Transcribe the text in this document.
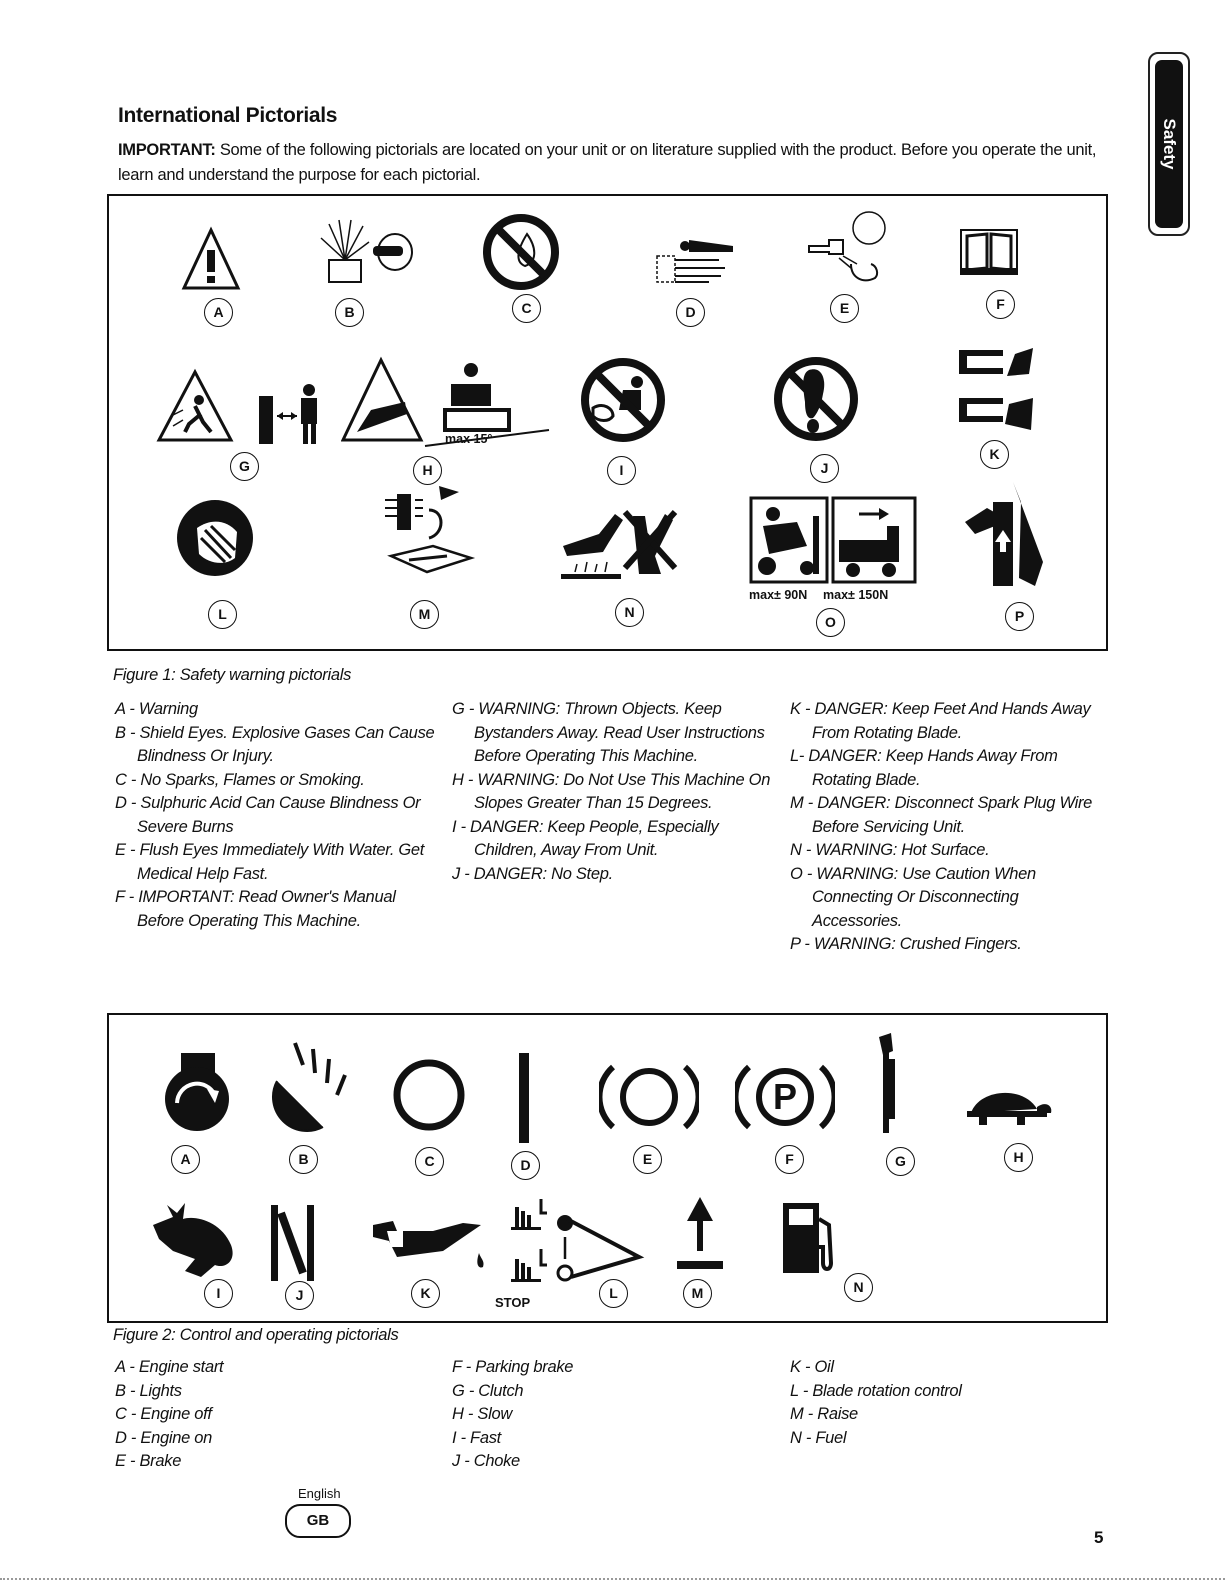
Safety
International Pictorials
IMPORTANT: Some of the following pictorials are located on your unit or on literature supplied with the product. Before you operate the unit, learn and understand the purpose for each pictorial.
max 15°
max± 90N max± 150N
A	B	C	D	E	F
G	H	I	J
K
L	M	N
O	P
Figure 1: Safety warning pictorials
A - Warning
B - Shield Eyes. Explosive Gases Can Cause Blindness Or Injury.
C - No Sparks, Flames or Smoking.
D - Sulphuric Acid Can Cause Blindness Or Severe Burns
E - Flush Eyes Immediately With Water. Get Medical Help Fast.
F - IMPORTANT: Read Owner's Manual Before Operating This Machine.
G - WARNING: Thrown Objects. Keep Bystanders Away. Read User Instructions Before Operating This Machine.
H - WARNING: Do Not Use This Machine On Slopes Greater Than 15 Degrees.
I - DANGER: Keep People, Especially Children, Away From Unit.
J - DANGER: No Step.
K - DANGER: Keep Feet And Hands Away From Rotating Blade.
L- DANGER: Keep Hands Away From Rotating Blade.
M - DANGER: Disconnect Spark Plug Wire Before Servicing Unit.
N - WARNING: Hot Surface.
O - WARNING: Use Caution When Connecting Or Disconnecting Accessories.
P - WARNING: Crushed Fingers.
P
STOP
A	B	C	D	E	F	G	H
I	J	K	L	M	N
Figure 2: Control and operating pictorials
A - Engine start
B - Lights
C - Engine off
D - Engine on
E - Brake
F - Parking brake
G - Clutch
H - Slow
I - Fast
J - Choke
K - Oil
L - Blade rotation control
M - Raise
N - Fuel
English
GB
5
